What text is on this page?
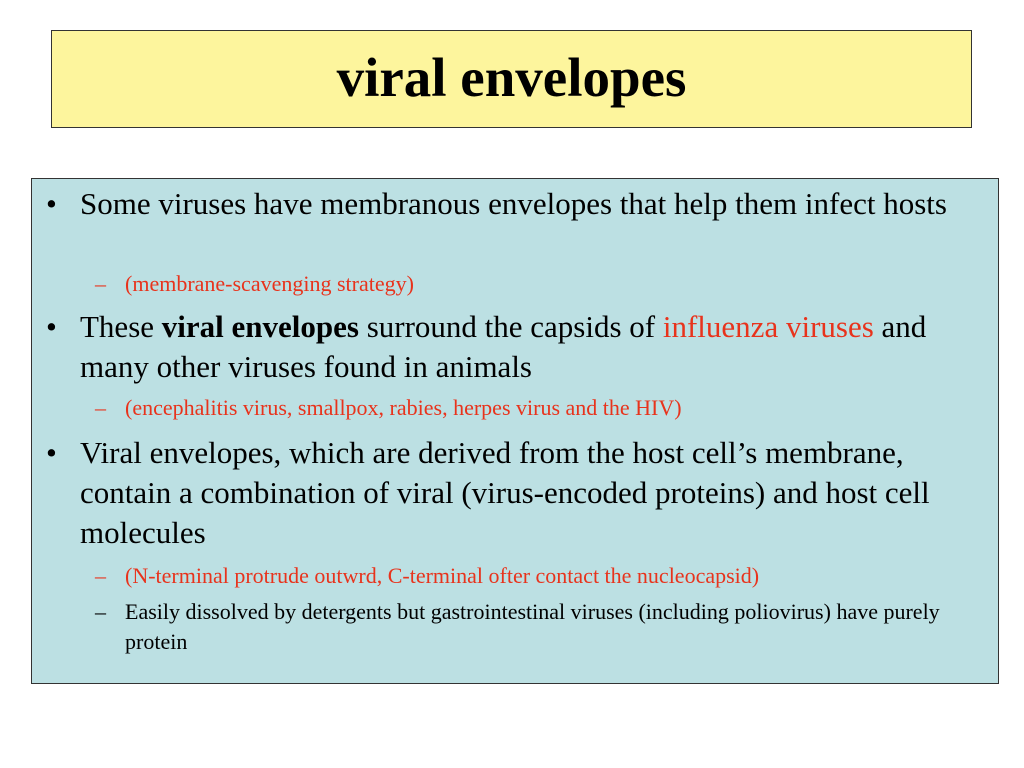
viral envelopes
• Some viruses have membranous envelopes that help them infect hosts
– (membrane-scavenging strategy)
• These viral envelopes surround the capsids of influenza viruses and many other viruses found in animals
– (encephalitis virus, smallpox, rabies, herpes virus and the HIV)
• Viral envelopes, which are derived from the host cell’s membrane, contain a combination of viral (virus-encoded proteins) and host cell molecules
– (N-terminal protrude outwrd, C-terminal ofter contact the nucleocapsid)
– Easily dissolved by detergents but gastrointestinal viruses (including poliovirus) have purely protein
